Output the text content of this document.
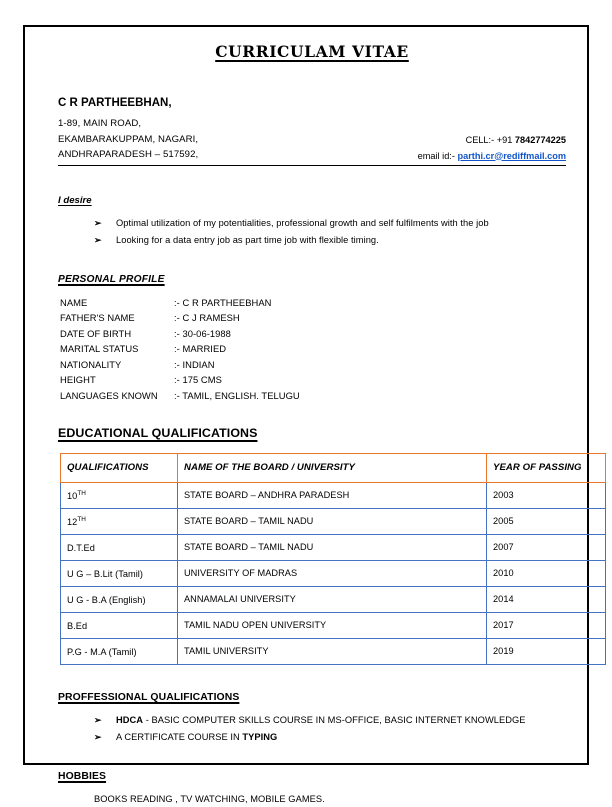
CURRICULAM VITAE
C R PARTHEEBHAN,
1-89, MAIN ROAD,
EKAMBARAKUPPAM, NAGARI,
ANDHRAPARADESH – 517592,
CELL:- +91 7842774225
email id:- parthi.cr@rediffmail.com
I desire
➢ Optimal utilization of my potentialities, professional growth and self fulfilments with the job
➢ Looking for a data entry job as part time job with flexible timing.
PERSONAL PROFILE
NAME	:- C R PARTHEEBHAN
FATHER'S NAME	:- C J RAMESH
DATE OF BIRTH	:- 30-06-1988
MARITAL STATUS	:- MARRIED
NATIONALITY	:- INDIAN
HEIGHT	:- 175 CMS
LANGUAGES KNOWN	:- TAMIL, ENGLISH. TELUGU
EDUCATIONAL QUALIFICATIONS
QUALIFICATIONS	NAME OF THE BOARD / UNIVERSITY	YEAR OF PASSING
10TH	STATE BOARD – ANDHRA PARADESH	2003
12TH	STATE BOARD – TAMIL NADU	2005
D.T.Ed	STATE BOARD – TAMIL NADU	2007
U G – B.Lit (Tamil)	UNIVERSITY OF MADRAS	2010
U G - B.A (English)	ANNAMALAI UNIVERSITY	2014
B.Ed	TAMIL NADU OPEN UNIVERSITY	2017
P.G - M.A (Tamil)	TAMIL UNIVERSITY	2019
PROFFESSIONAL QUALIFICATIONS
➢ HDCA - BASIC COMPUTER SKILLS COURSE IN MS-OFFICE, BASIC INTERNET KNOWLEDGE
➢ A CERTIFICATE COURSE IN TYPING
HOBBIES
BOOKS READING , TV WATCHING, MOBILE GAMES.
